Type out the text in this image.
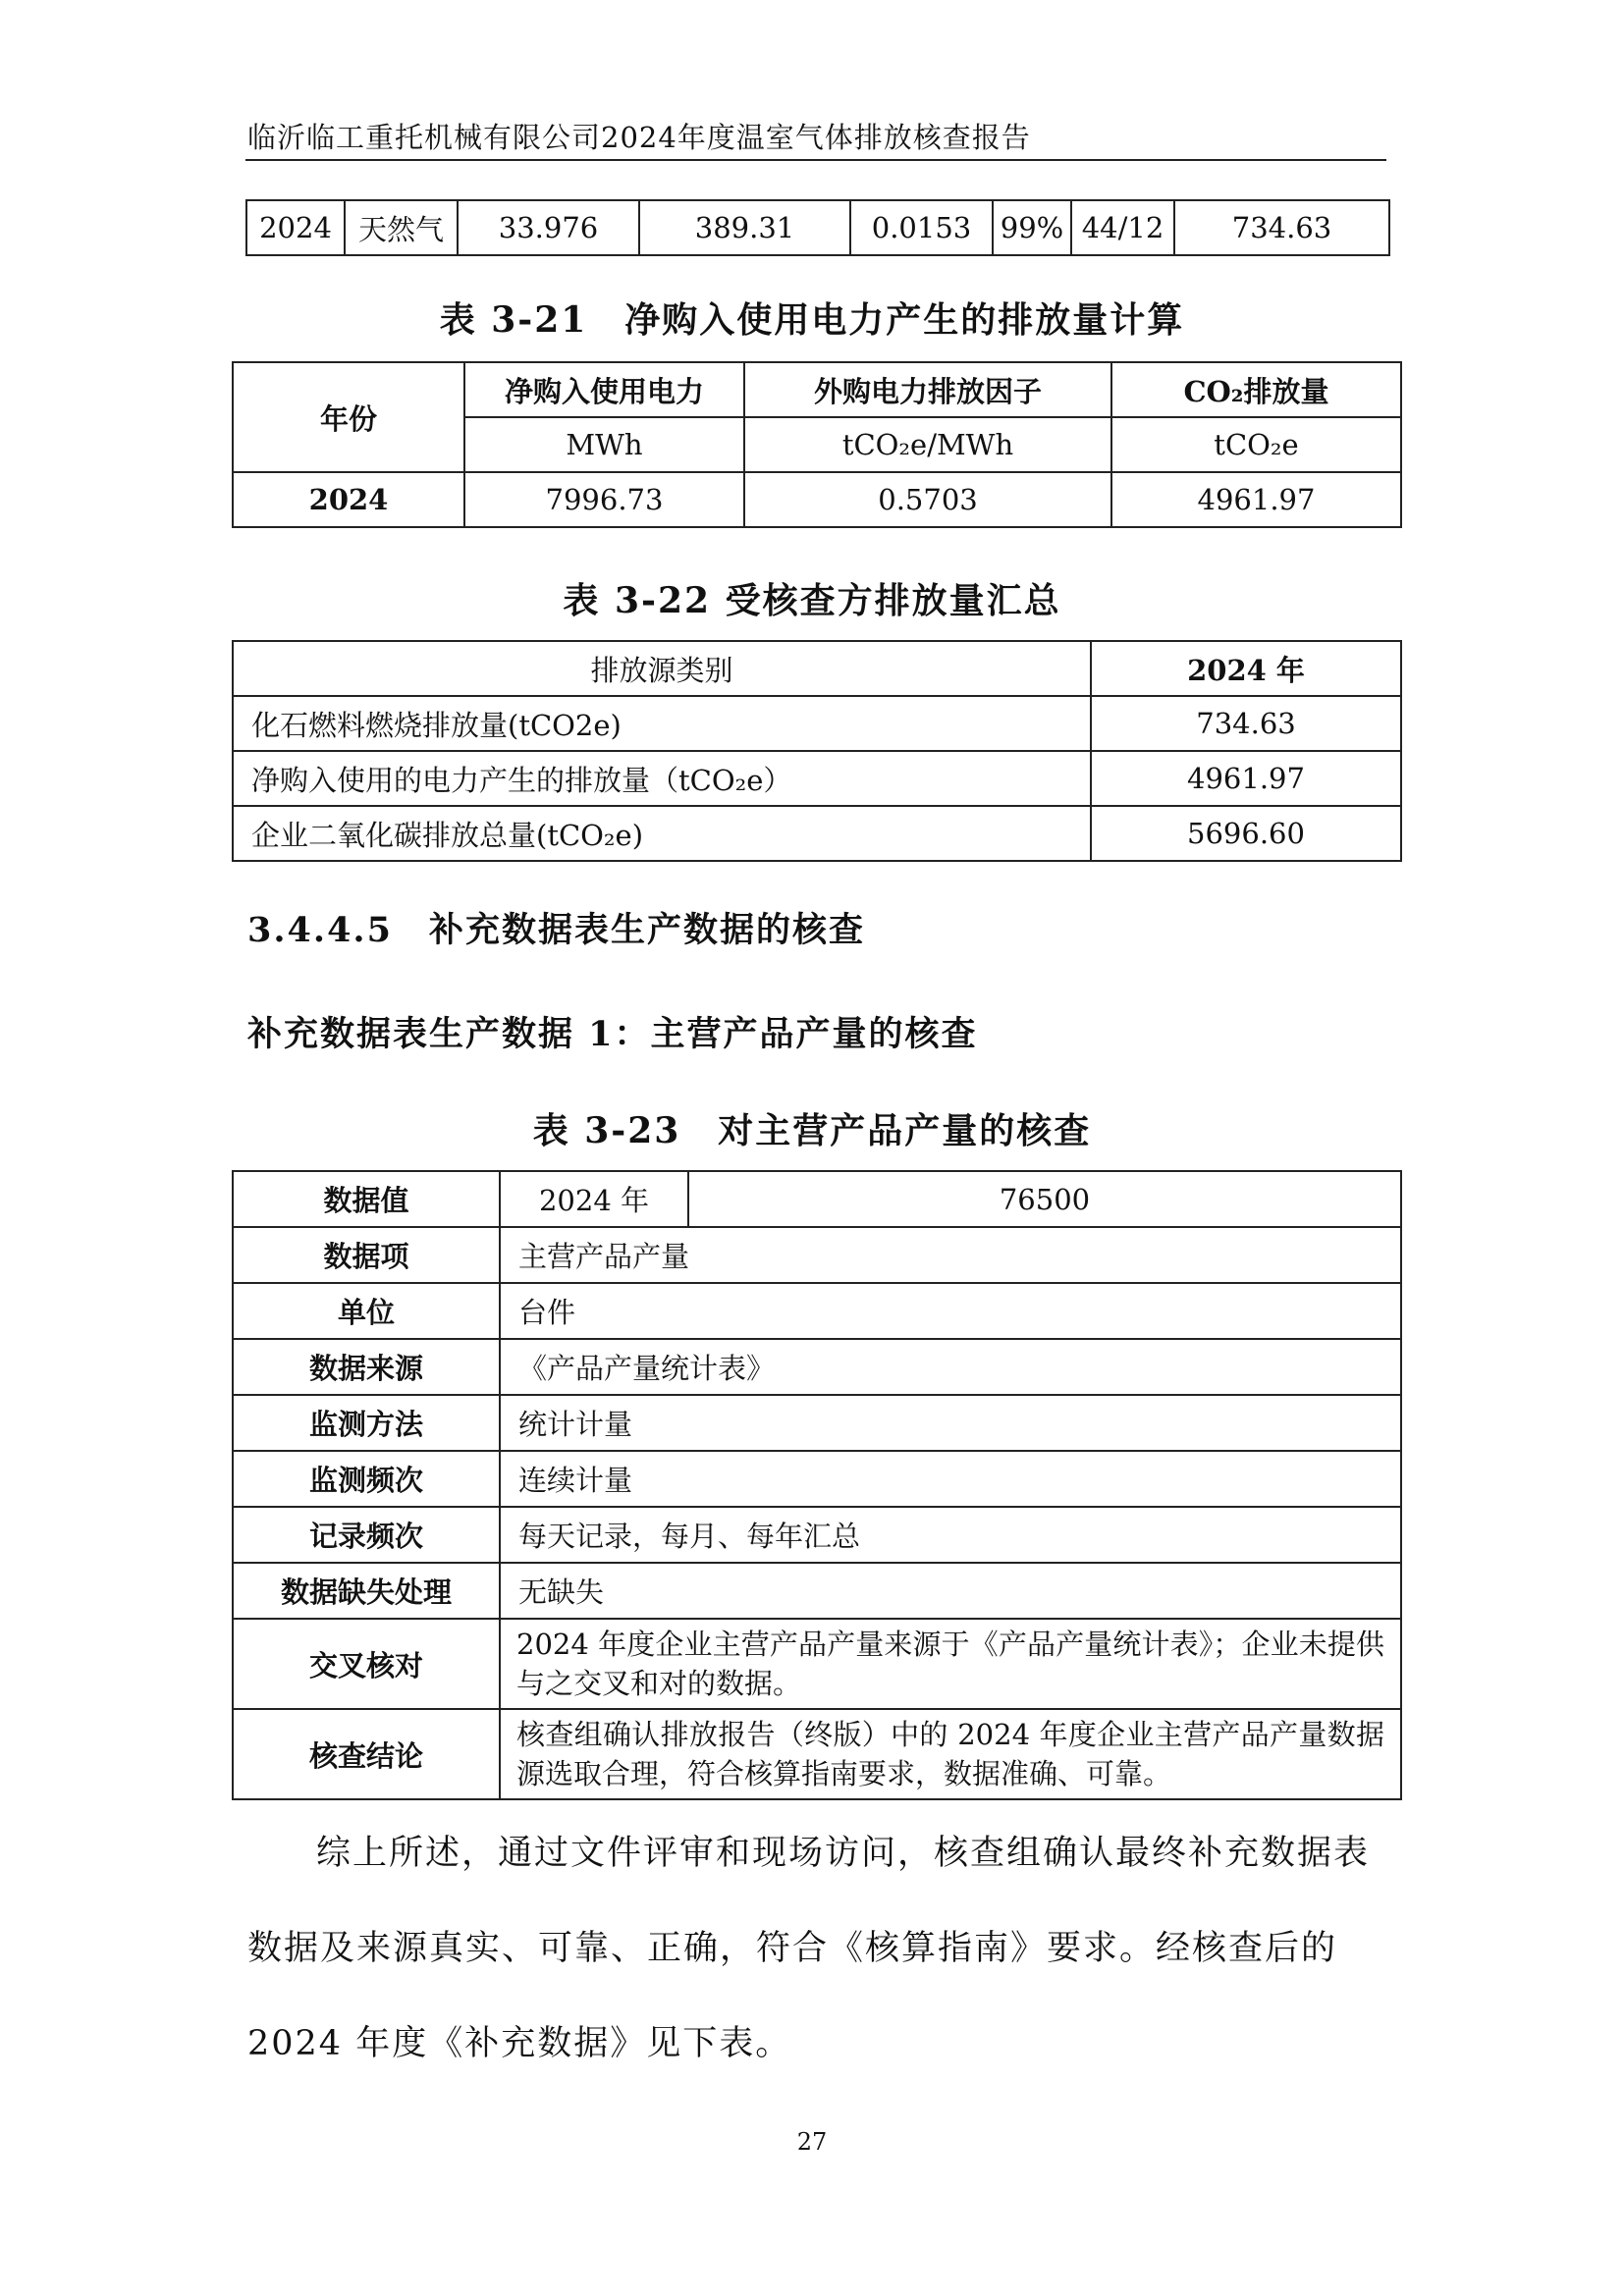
临沂临工重托机械有限公司2024年度温室气体排放核查报告
2024	天然气	33.976	389.31	0.0153	99%	44/12	734.63
表 3-21　净购入使用电力产生的排放量计算
年份	净购入使用电力	外购电力排放因子	CO₂排放量
	MWh	tCO₂e/MWh	tCO₂e
2024	7996.73	0.5703	4961.97
表 3-22 受核查方排放量汇总
排放源类别	2024 年
化石燃料燃烧排放量(tCO2e)	734.63
净购入使用的电力产生的排放量（tCO₂e）	4961.97
企业二氧化碳排放总量(tCO₂e)	5696.60
3.4.4.5　补充数据表生产数据的核查
补充数据表生产数据 1：主营产品产量的核查
表 3-23　对主营产品产量的核查
数据值	2024 年	76500
数据项	主营产品产量	
单位	台件	
数据来源	《产品产量统计表》	
监测方法	统计计量	
监测频次	连续计量	
记录频次	每天记录，每月、每年汇总	
数据缺失处理	无缺失	
交叉核对	2024 年度企业主营产品产量来源于《产品产量统计表》；企业未提供与之交叉和对的数据。	
核查结论	核查组确认排放报告（终版）中的 2024 年度企业主营产品产量数据源选取合理，符合核算指南要求，数据准确、可靠。	
综上所述，通过文件评审和现场访问，核查组确认最终补充数据表数据及来源真实、可靠、正确，符合《核算指南》要求。经核查后的 2024 年度《补充数据》见下表。
27
